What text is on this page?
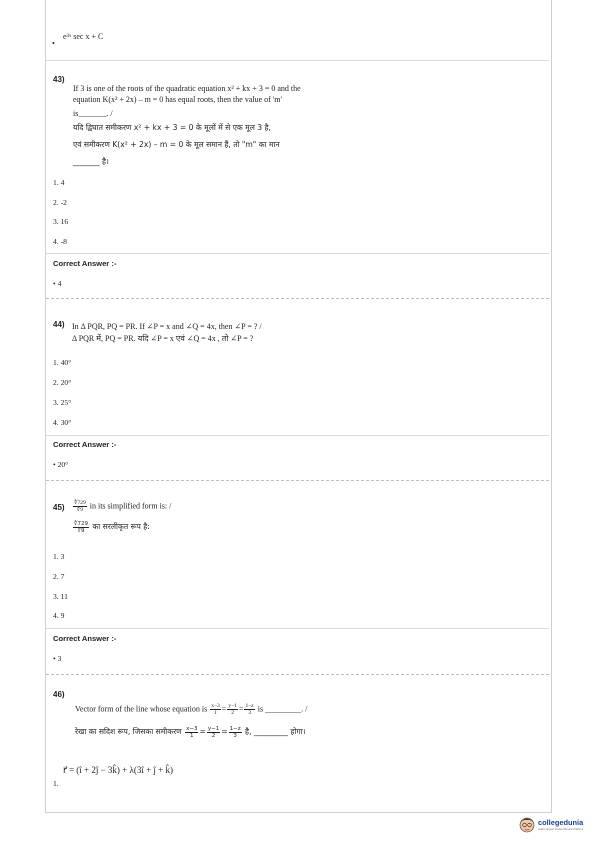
•
e³ˣ sec x + C
43)
If 3 is one of the roots of the quadratic equation x² + kx + 3 = 0 and the
equation K(x² + 2x) – m = 0 has equal roots, then the value of 'm'
is_______. /
यदि द्विघात समीकरण x² + kx + 3 = 0 के मूलों में से एक मूल 3 है,
एवं समीकरण K(x² + 2x) – m = 0 के मूल समान हैं, तो "m" का मान
_______ है।
1. 4
2. -2
3. 16
4. -8
Correct Answer :-
• 4
44) In Δ PQR, PQ = PR. If ∠P = x and ∠Q = 4x, then ∠P = ? /
Δ PQR में, PQ = PR. यदि ∠P = x एवं ∠Q = 4x , तो ∠P = ?
1. 40°
2. 20°
3. 25°
4. 30°
Correct Answer :-
• 20°
$45) \frac{∜729}{∜9}$ in its simplified form is: /
$\frac{∜729}{∜9}$ का सरलीकृत रूप है:
1. 3
2. 7
3. 11
4. 9
Correct Answer :-
• 3
46)
Vector form of the line whose equation is $\frac{x-3}{1} = \frac{y-1}{2} = \frac{1-z}{3}$ is _________. /
रेखा का सदिश रूप, जिसका समीकरण $\frac{x-3}{1} = \frac{y-1}{2} = \frac{1-z}{3}$ है, _________ होगा।
r⃗ = (î + 2ĵ − 3k̂) + λ(3î + ĵ + k̂)
1.
collegedunia
India's largest Student Review Platform
